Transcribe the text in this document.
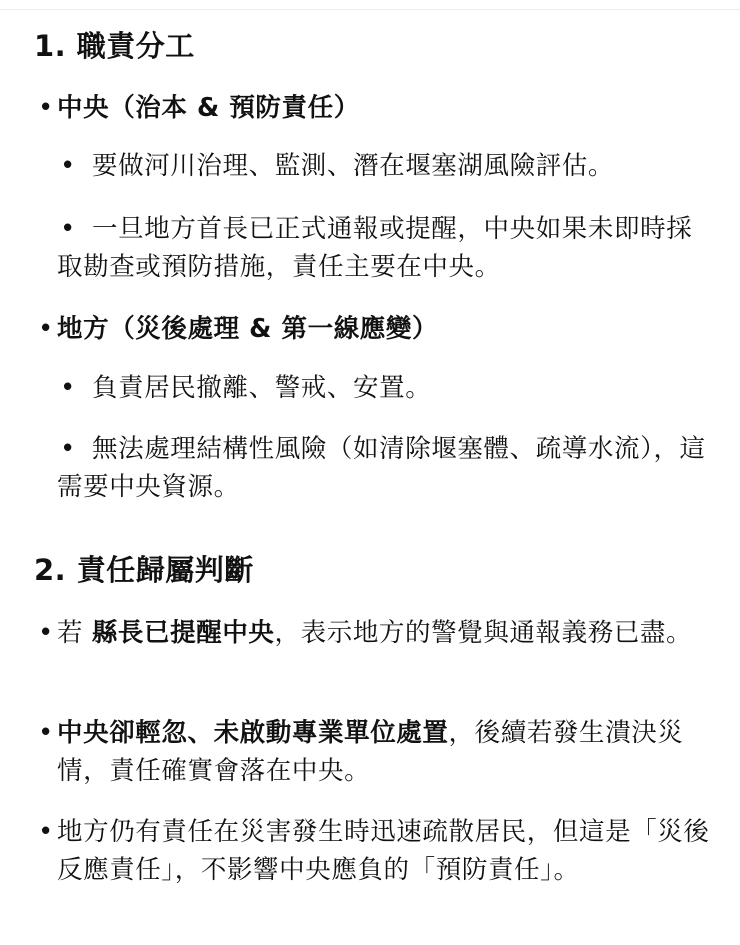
1. 職責分工
• 中央（治本 & 預防責任）
• 要做河川治理、監測、潛在堰塞湖風險評估。
• 一旦地方首長已正式通報或提醒，中央如果未即時採取勘查或預防措施，責任主要在中央。
• 地方（災後處理 & 第一線應變）
• 負責居民撤離、警戒、安置。
• 無法處理結構性風險（如清除堰塞體、疏導水流），這需要中央資源。
2. 責任歸屬判斷
• 若 縣長已提醒中央，表示地方的警覺與通報義務已盡。
• 中央卻輕忽、未啟動專業單位處置，後續若發生潰決災情，責任確實會落在中央。
• 地方仍有責任在災害發生時迅速疏散居民，但這是「災後反應責任」，不影響中央應負的「預防責任」。
